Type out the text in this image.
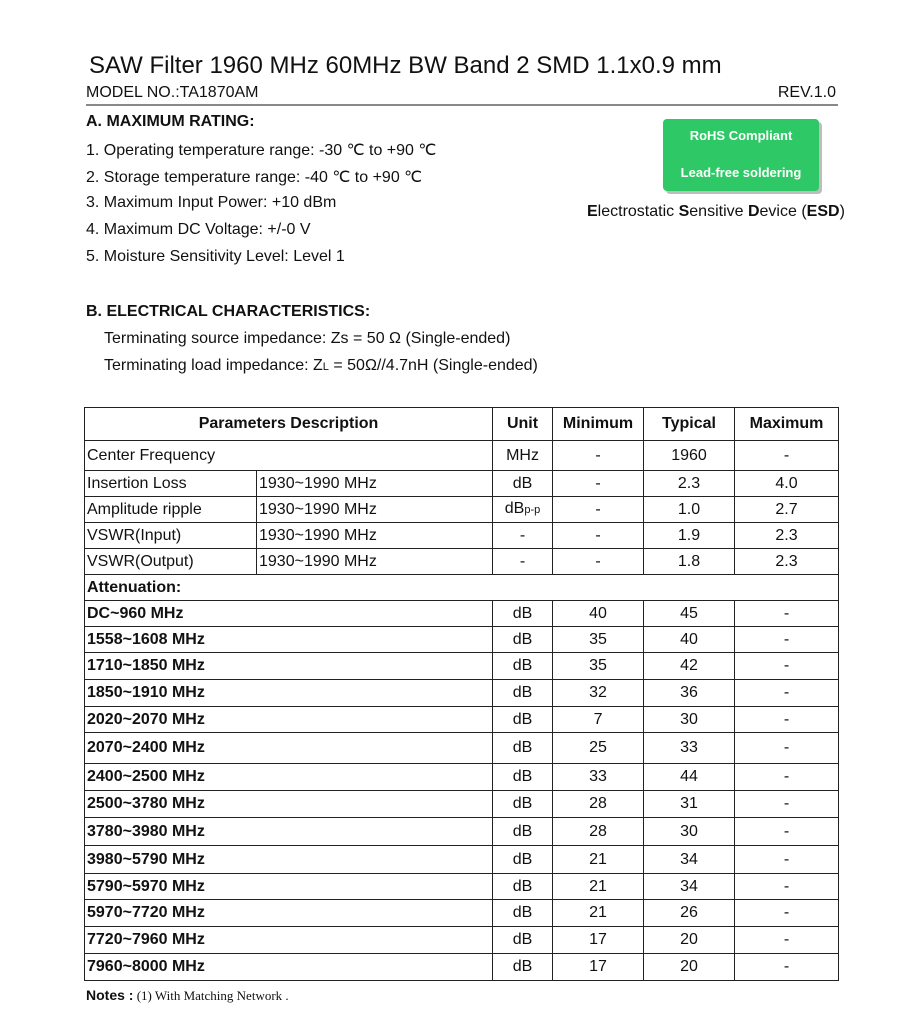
SAW Filter 1960 MHz 60MHz BW Band 2 SMD 1.1x0.9 mm
MODEL NO.:TA1870AM	REV.1.0
A. MAXIMUM RATING:
1. Operating temperature range: -30 ℃ to +90 ℃
2. Storage temperature range: -40 ℃ to +90 ℃
3. Maximum Input Power: +10 dBm
4. Maximum DC Voltage: +/-0 V
5. Moisture Sensitivity Level: Level 1
RoHS Compliant
Lead-free soldering
Electrostatic Sensitive Device (ESD)
B. ELECTRICAL CHARACTERISTICS:
Terminating source impedance: Zs = 50 Ω (Single-ended)
Terminating load impedance: ZL = 50Ω//4.7nH (Single-ended)
Parameters Description		Unit	Minimum	Typical	Maximum
Center Frequency		MHz	-	1960	-
Insertion Loss	1930~1990 MHz	dB	-	2.3	4.0
Amplitude ripple	1930~1990 MHz	dBp-p	-	1.0	2.7
VSWR(Input)	1930~1990 MHz	-	-	1.9	2.3
VSWR(Output)	1930~1990 MHz	-	-	1.8	2.3
Attenuation:					
DC~960 MHz		dB	40	45	-
1558~1608 MHz		dB	35	40	-
1710~1850 MHz		dB	35	42	-
1850~1910 MHz		dB	32	36	-
2020~2070 MHz		dB	7	30	-
2070~2400 MHz		dB	25	33	-
2400~2500 MHz		dB	33	44	-
2500~3780 MHz		dB	28	31	-
3780~3980 MHz		dB	28	30	-
3980~5790 MHz		dB	21	34	-
5790~5970 MHz		dB	21	34	-
5970~7720 MHz		dB	21	26	-
7720~7960 MHz		dB	17	20	-
7960~8000 MHz		dB	17	20	-
Notes : (1) With Matching Network .
